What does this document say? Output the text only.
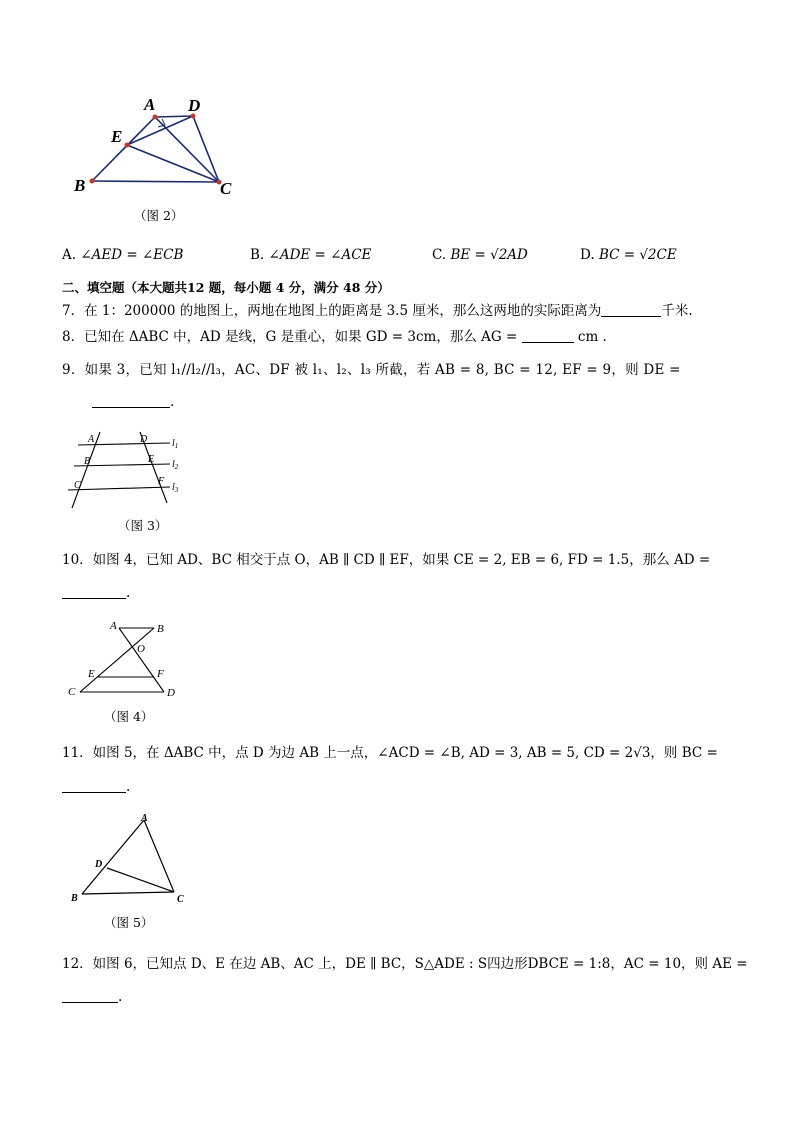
A D
E
B	C
（图 2）
A. ∠AED = ∠ECB	B. ∠ADE = ∠ACE	C. BE = √2AD	D. BC = √2CE
二、填空题（本大题共12 题，每小题 4 分，满分 48 分）
7．在 1：200000 的地图上，两地在地图上的距离是 3.5 厘米，那么这两地的实际距离为	千米.
8．已知在 ΔABC 中，AD 是线，G 是重心，如果 GD = 3cm，那么 AG =	cm .
9．如果 3，已知 l₁//l₂//l₃，AC、DF 被 l₁、l₂、l₃ 所截，若 AB = 8, BC = 12, EF = 9，则 DE =
.
A	D
B	E
C	F
$l_1$
$l_2$
$l_3$
（图 3）
10．如图 4，已知 AD、BC 相交于点 O，AB ∥ CD ∥ EF，如果 CE = 2, EB = 6, FD = 1.5，那么 AD =
.
A	B
O
E	F
C	D
（图 4）
11．如图 5，在 ΔABC 中，点 D 为边 AB 上一点，∠ACD = ∠B, AD = 3, AB = 5, CD = 2√3，则 BC =
.
A
D
B	C
（图 5）
12．如图 6，已知点 D、E 在边 AB、AC 上，DE ∥ BC，S△ADE : S四边形DBCE = 1:8，AC = 10，则 AE =
.
